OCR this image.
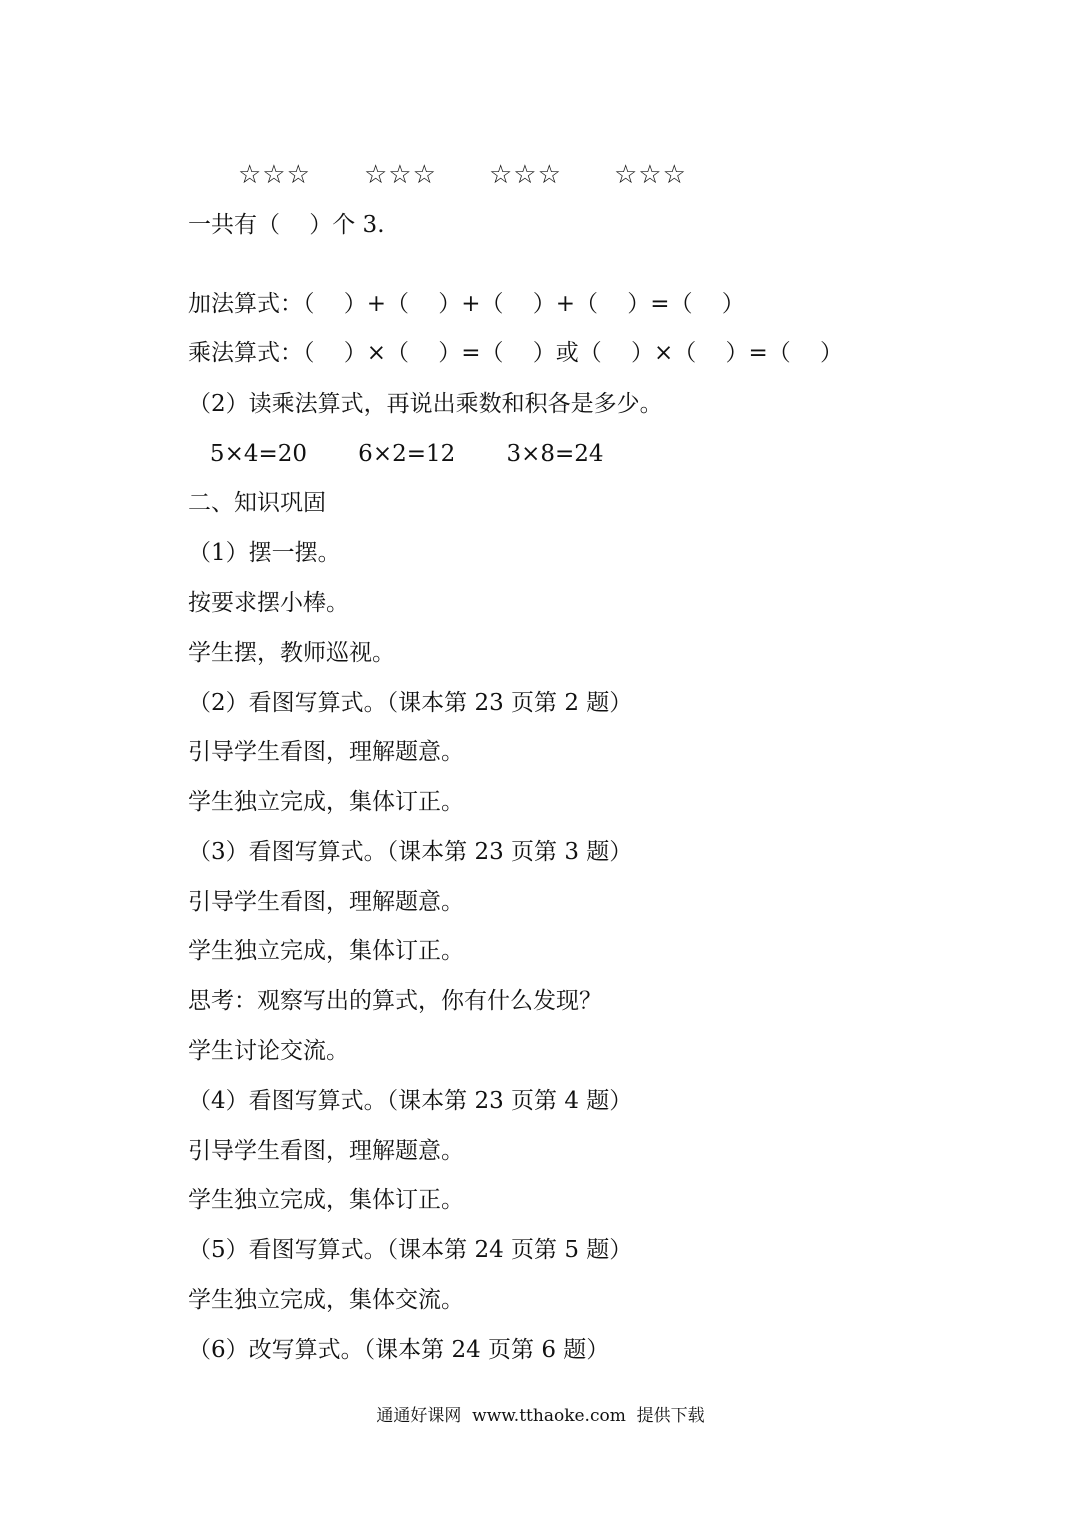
☆☆☆ ☆☆☆ ☆☆☆ ☆☆☆
一共有（    ）个 3.
加法算式：（    ）+（    ）+（    ）+（    ）=（    ）
乘法算式：（    ）×（    ）=（    ）或（    ）×（    ）=（    ）
（2）读乘法算式，再说出乘数和积各是多少。
5×4=20       6×2=12       3×8=24
二、知识巩固
（1）摆一摆。
按要求摆小棒。
学生摆，教师巡视。
（2）看图写算式。（课本第 23 页第 2 题）
引导学生看图，理解题意。
学生独立完成，集体订正。
（3）看图写算式。（课本第 23 页第 3 题）
引导学生看图，理解题意。
学生独立完成，集体订正。
思考：观察写出的算式，你有什么发现？
学生讨论交流。
（4）看图写算式。（课本第 23 页第 4 题）
引导学生看图，理解题意。
学生独立完成，集体订正。
（5）看图写算式。（课本第 24 页第 5 题）
学生独立完成，集体交流。
（6）改写算式。（课本第 24 页第 6 题）
通通好课网  www.tthaoke.com  提供下载
